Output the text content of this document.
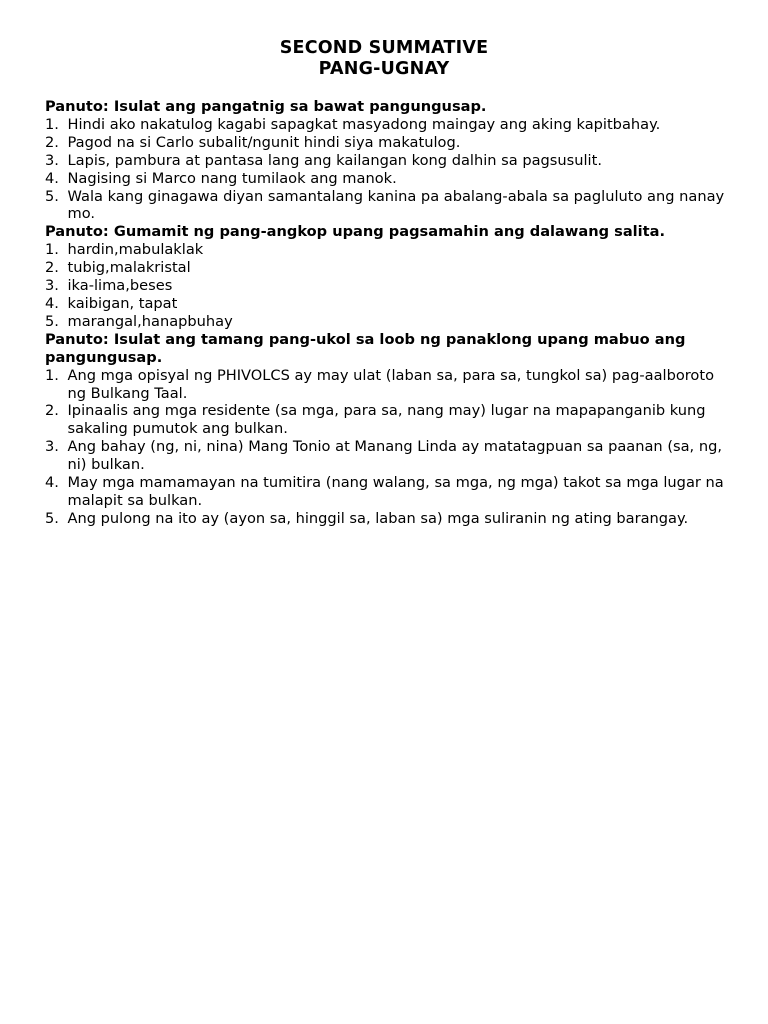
SECOND SUMMATIVE
PANG-UGNAY

Panuto: Isulat ang pangatnig sa bawat pangungusap.

1. Hindi ako nakatulog kagabi sapagkat masyadong maingay ang aking kapitbahay.
2. Pagod na si Carlo subalit/ngunit hindi siya makatulog.
3. Lapis, pambura at pantasa lang ang kailangan kong dalhin sa pagsusulit.
4. Nagising si Marco nang tumilaok ang manok.
5. Wala kang ginagawa diyan samantalang kanina pa abalang-abala sa pagluluto ang nanay mo.

Panuto: Gumamit ng pang-angkop upang pagsamahin ang dalawang salita.

1. hardin,mabulaklak
2. tubig,malakristal
3. ika-lima,beses
4. kaibigan, tapat
5. marangal,hanapbuhay

Panuto: Isulat ang tamang pang-ukol sa loob ng panaklong upang mabuo ang pangungusap.

1. Ang mga opisyal ng PHIVOLCS ay may ulat (laban sa, para sa, tungkol sa) pag-aalboroto ng Bulkang Taal.
2. Ipinaalis ang mga residente (sa mga, para sa, nang may) lugar na mapapanganib kung sakaling pumutok ang bulkan.
3. Ang bahay (ng, ni, nina) Mang Tonio at Manang Linda ay matatagpuan sa paanan (sa, ng, ni) bulkan.
4. May mga mamamayan na tumitira (nang walang, sa mga, ng mga) takot sa mga lugar na malapit sa bulkan.
5. Ang pulong na ito ay (ayon sa, hinggil sa, laban sa) mga suliranin ng ating barangay.
